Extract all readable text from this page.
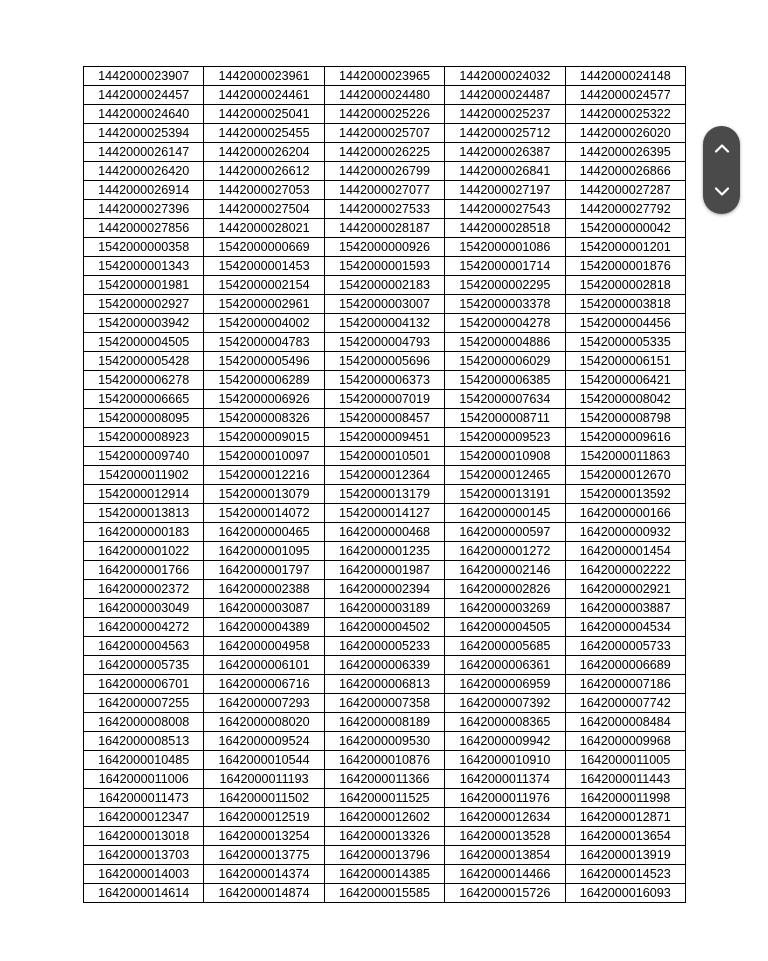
1442000023907	1442000023961	1442000023965	1442000024032	1442000024148
1442000024457	1442000024461	1442000024480	1442000024487	1442000024577
1442000024640	1442000025041	1442000025226	1442000025237	1442000025322
1442000025394	1442000025455	1442000025707	1442000025712	1442000026020
1442000026147	1442000026204	1442000026225	1442000026387	1442000026395
1442000026420	1442000026612	1442000026799	1442000026841	1442000026866
1442000026914	1442000027053	1442000027077	1442000027197	1442000027287
1442000027396	1442000027504	1442000027533	1442000027543	1442000027792
1442000027856	1442000028021	1442000028187	1442000028518	1542000000042
1542000000358	1542000000669	1542000000926	1542000001086	1542000001201
1542000001343	1542000001453	1542000001593	1542000001714	1542000001876
1542000001981	1542000002154	1542000002183	1542000002295	1542000002818
1542000002927	1542000002961	1542000003007	1542000003378	1542000003818
1542000003942	1542000004002	1542000004132	1542000004278	1542000004456
1542000004505	1542000004783	1542000004793	1542000004886	1542000005335
1542000005428	1542000005496	1542000005696	1542000006029	1542000006151
1542000006278	1542000006289	1542000006373	1542000006385	1542000006421
1542000006665	1542000006926	1542000007019	1542000007634	1542000008042
1542000008095	1542000008326	1542000008457	1542000008711	1542000008798
1542000008923	1542000009015	1542000009451	1542000009523	1542000009616
1542000009740	1542000010097	1542000010501	1542000010908	1542000011863
1542000011902	1542000012216	1542000012364	1542000012465	1542000012670
1542000012914	1542000013079	1542000013179	1542000013191	1542000013592
1542000013813	1542000014072	1542000014127	1642000000145	1642000000166
1642000000183	1642000000465	1642000000468	1642000000597	1642000000932
1642000001022	1642000001095	1642000001235	1642000001272	1642000001454
1642000001766	1642000001797	1642000001987	1642000002146	1642000002222
1642000002372	1642000002388	1642000002394	1642000002826	1642000002921
1642000003049	1642000003087	1642000003189	1642000003269	1642000003887
1642000004272	1642000004389	1642000004502	1642000004505	1642000004534
1642000004563	1642000004958	1642000005233	1642000005685	1642000005733
1642000005735	1642000006101	1642000006339	1642000006361	1642000006689
1642000006701	1642000006716	1642000006813	1642000006959	1642000007186
1642000007255	1642000007293	1642000007358	1642000007392	1642000007742
1642000008008	1642000008020	1642000008189	1642000008365	1642000008484
1642000008513	1642000009524	1642000009530	1642000009942	1642000009968
1642000010485	1642000010544	1642000010876	1642000010910	1642000011005
1642000011006	1642000011193	1642000011366	1642000011374	1642000011443
1642000011473	1642000011502	1642000011525	1642000011976	1642000011998
1642000012347	1642000012519	1642000012602	1642000012634	1642000012871
1642000013018	1642000013254	1642000013326	1642000013528	1642000013654
1642000013703	1642000013775	1642000013796	1642000013854	1642000013919
1642000014003	1642000014374	1642000014385	1642000014466	1642000014523
1642000014614	1642000014874	1642000015585	1642000015726	1642000016093
